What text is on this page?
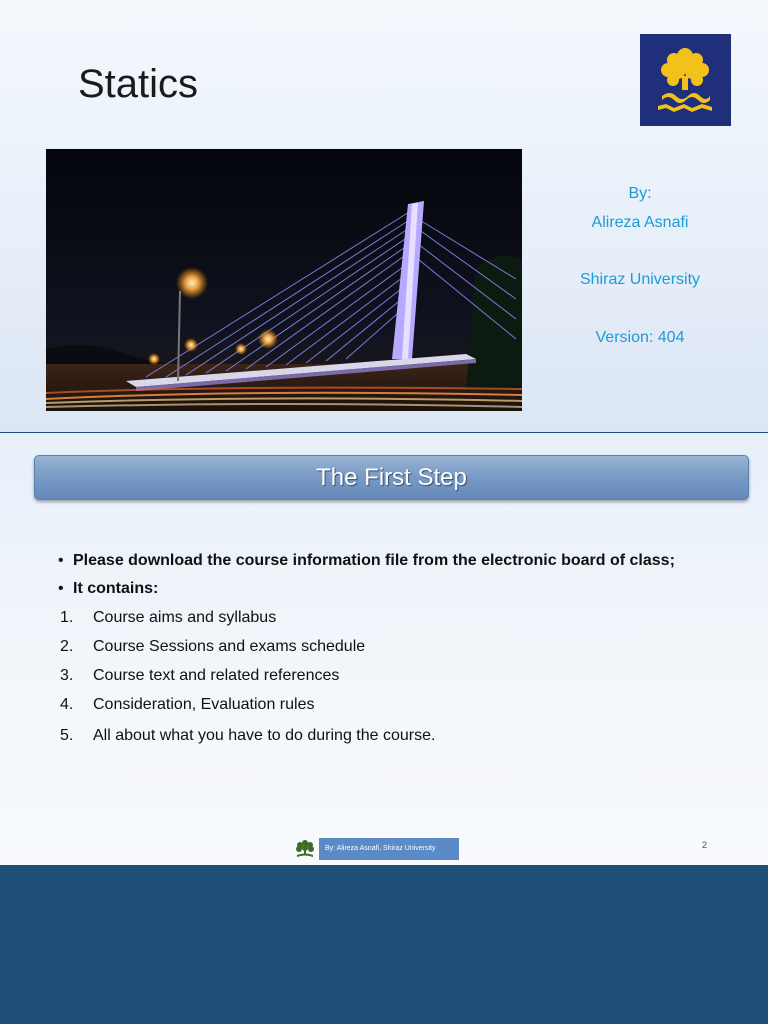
Statics
By:
Alireza Asnafi
Shiraz University
Version: 404
The First Step
• Please download the course information file from the electronic board of class;
• It contains:
1. Course aims and syllabus
2. Course Sessions and exams schedule
3. Course text and related references
4. Consideration, Evaluation rules
5. All about what you have to do during the course.
By: Alireza Asnafi, Shiraz University	2
